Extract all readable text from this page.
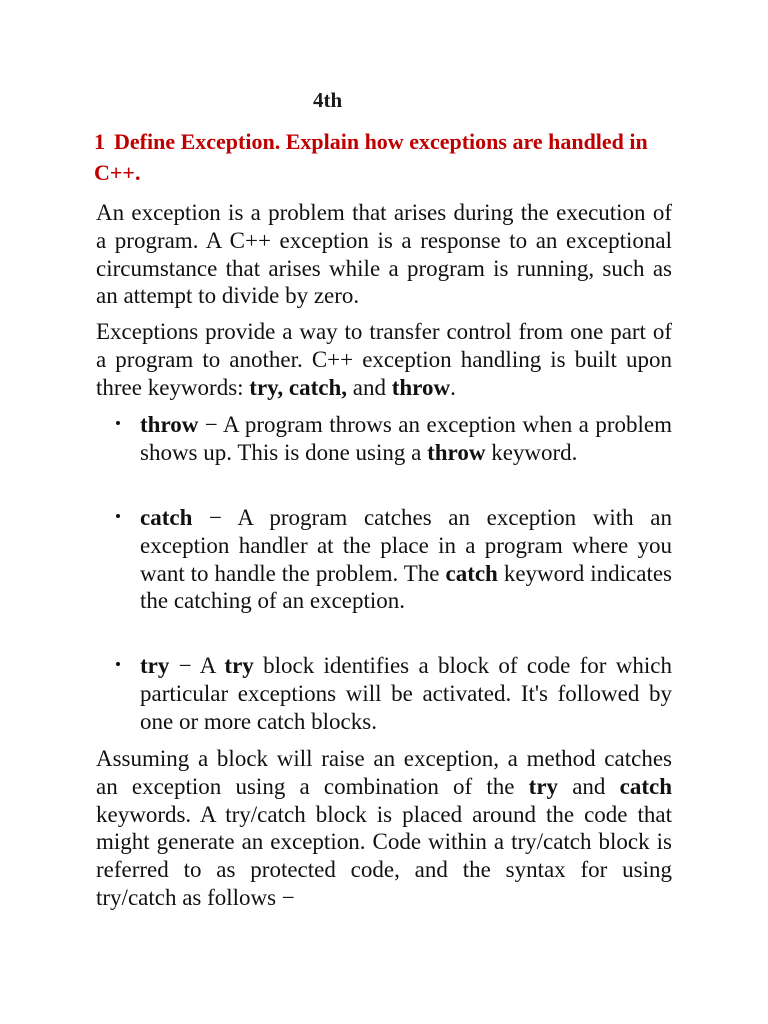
4th
1 Define Exception. Explain how exceptions are handled in C++.

An exception is a problem that arises during the execution of a program. A C++ exception is a response to an exceptional circumstance that arises while a program is running, such as an attempt to divide by zero.

Exceptions provide a way to transfer control from one part of a program to another. C++ exception handling is built upon three keywords: try, catch, and throw.

throw − A program throws an exception when a problem shows up. This is done using a throw keyword.
catch − A program catches an exception with an exception handler at the place in a program where you want to handle the problem. The catch keyword indicates the catching of an exception.
try − A try block identifies a block of code for which particular exceptions will be activated. It's followed by one or more catch blocks.

Assuming a block will raise an exception, a method catches an exception using a combination of the try and catch keywords. A try/catch block is placed around the code that might generate an exception. Code within a try/catch block is referred to as protected code, and the syntax for using try/catch as follows −
